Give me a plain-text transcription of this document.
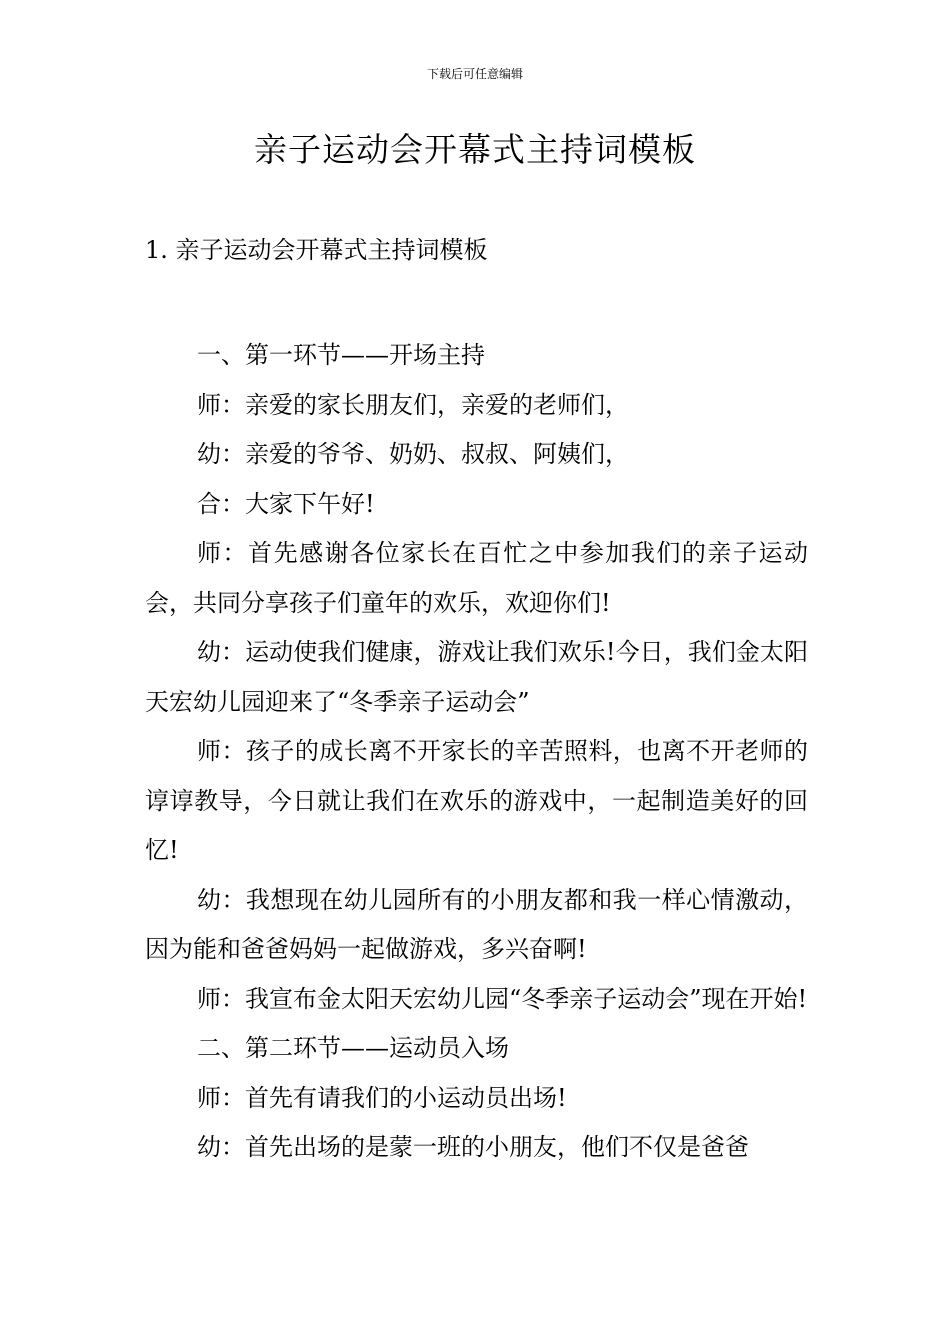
下载后可任意编辑
亲子运动会开幕式主持词模板
1. 亲子运动会开幕式主持词模板

一、第一环节——开场主持

师：亲爱的家长朋友们，亲爱的老师们，

幼：亲爱的爷爷、奶奶、叔叔、阿姨们，

合：大家下午好!

师：首先感谢各位家长在百忙之中参加我们的亲子运动会，共同分享孩子们童年的欢乐，欢迎你们!

幼：运动使我们健康，游戏让我们欢乐!今日，我们金太阳天宏幼儿园迎来了“冬季亲子运动会”

师：孩子的成长离不开家长的辛苦照料，也离不开老师的谆谆教导，今日就让我们在欢乐的游戏中，一起制造美好的回忆!

幼：我想现在幼儿园所有的小朋友都和我一样心情激动，因为能和爸爸妈妈一起做游戏，多兴奋啊!

师：我宣布金太阳天宏幼儿园“冬季亲子运动会”现在开始!

二、第二环节——运动员入场

师：首先有请我们的小运动员出场!

幼：首先出场的是蒙一班的小朋友，他们不仅是爸爸
